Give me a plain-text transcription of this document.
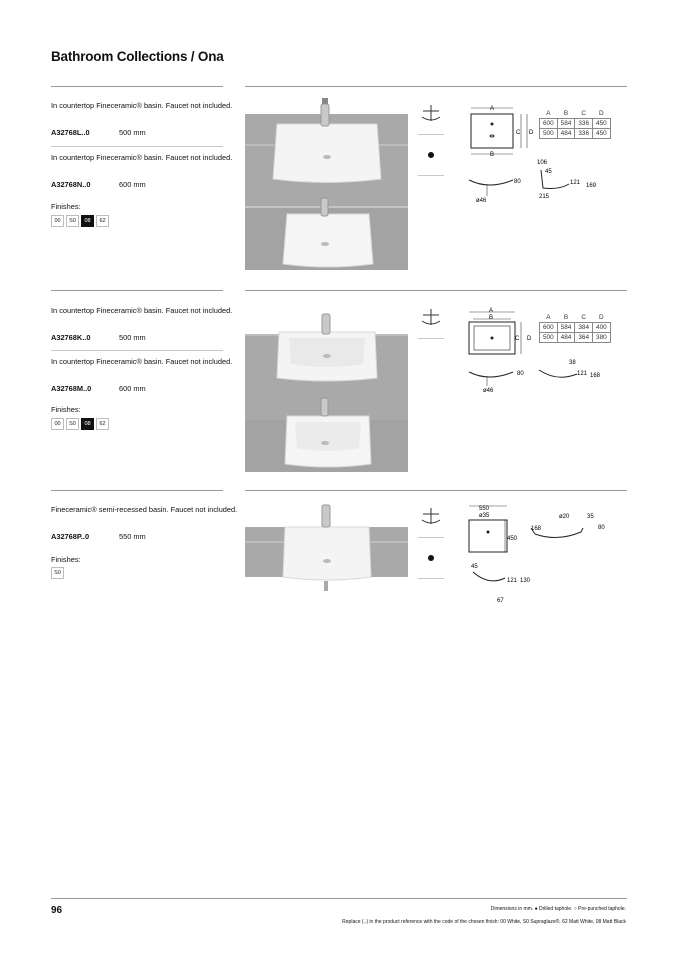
Bathroom Collections / Ona
In countertop Fineceramic® basin. Faucet not included.
A32768L..0	500 mm
In countertop Fineceramic® basin. Faucet not included.
A32768N..0	600 mm
Finishes:
00	S0	08	62
A
B
C D
80
ø46
106
45
121 169
215
A	B	C	D
600	584	336	450
500	484	336	450
In countertop Fineceramic® basin. Faucet not included.
A32768K..0	500 mm
In countertop Fineceramic® basin. Faucet not included.
A32768M..0	600 mm
Finishes:
00	S0	08	62
A
B
C D
80
ø46
38
121 168
A	B	C	D
600	584	384	400
500	484	364	380
Fineceramic® semi-recessed basin. Faucet not included.
A32768P..0	550 mm
Finishes:
S0
550
ø35
450
ø20	35
168	80
45
121 130
67
96	Dimensions in mm. ● Drilled taphole. ○ Pre-punched taphole.
Replace (..) in the product reference with the code of the chosen finish: 00 White, S0 Supraglaze®, 62 Matt White, 08 Matt Black
